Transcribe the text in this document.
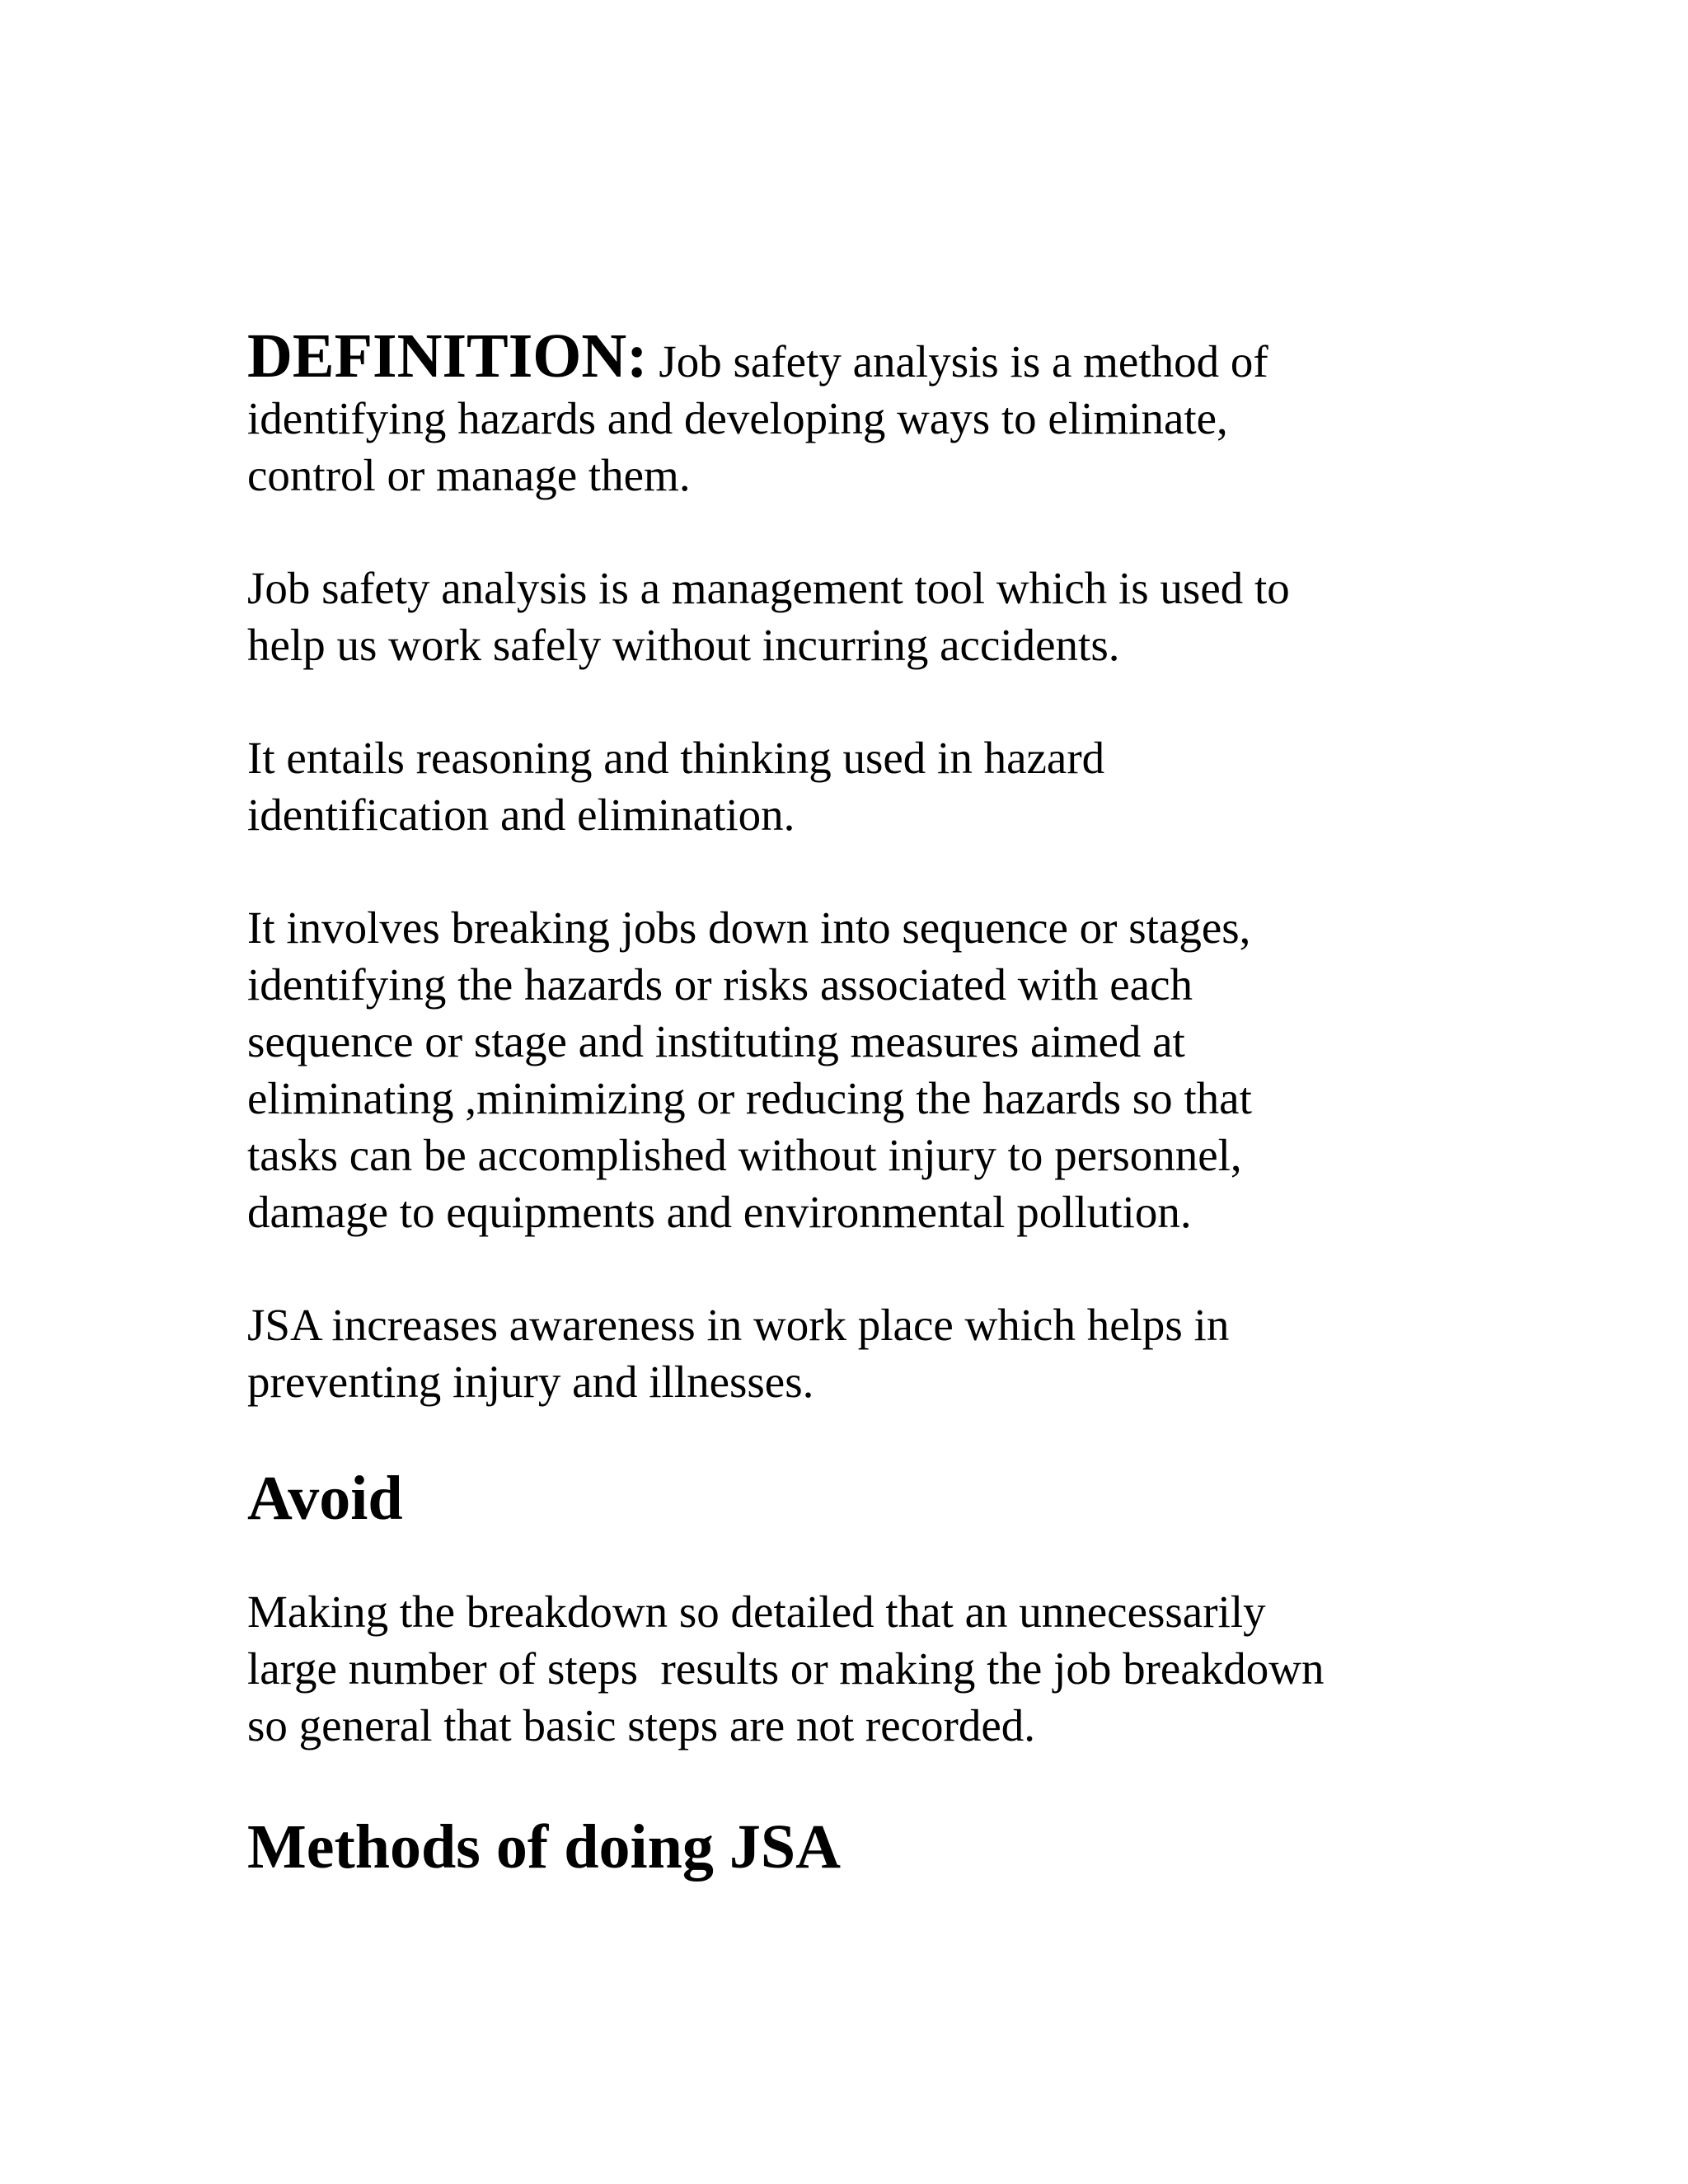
DEFINITION: Job safety analysis is a method of
identifying hazards and developing ways to eliminate,
control or manage them.

Job safety analysis is a management tool which is used to
help us work safely without incurring accidents.

It entails reasoning and thinking used in hazard
identification and elimination.

It involves breaking jobs down into sequence or stages,
identifying the hazards or risks associated with each
sequence or stage and instituting measures aimed at
eliminating ,minimizing or reducing the hazards so that
tasks can be accomplished without injury to personnel,
damage to equipments and environmental pollution.

JSA increases awareness in work place which helps in
preventing injury and illnesses.

Avoid

Making the breakdown so detailed that an unnecessarily
large number of steps  results or making the job breakdown
so general that basic steps are not recorded.

Methods of doing JSA
